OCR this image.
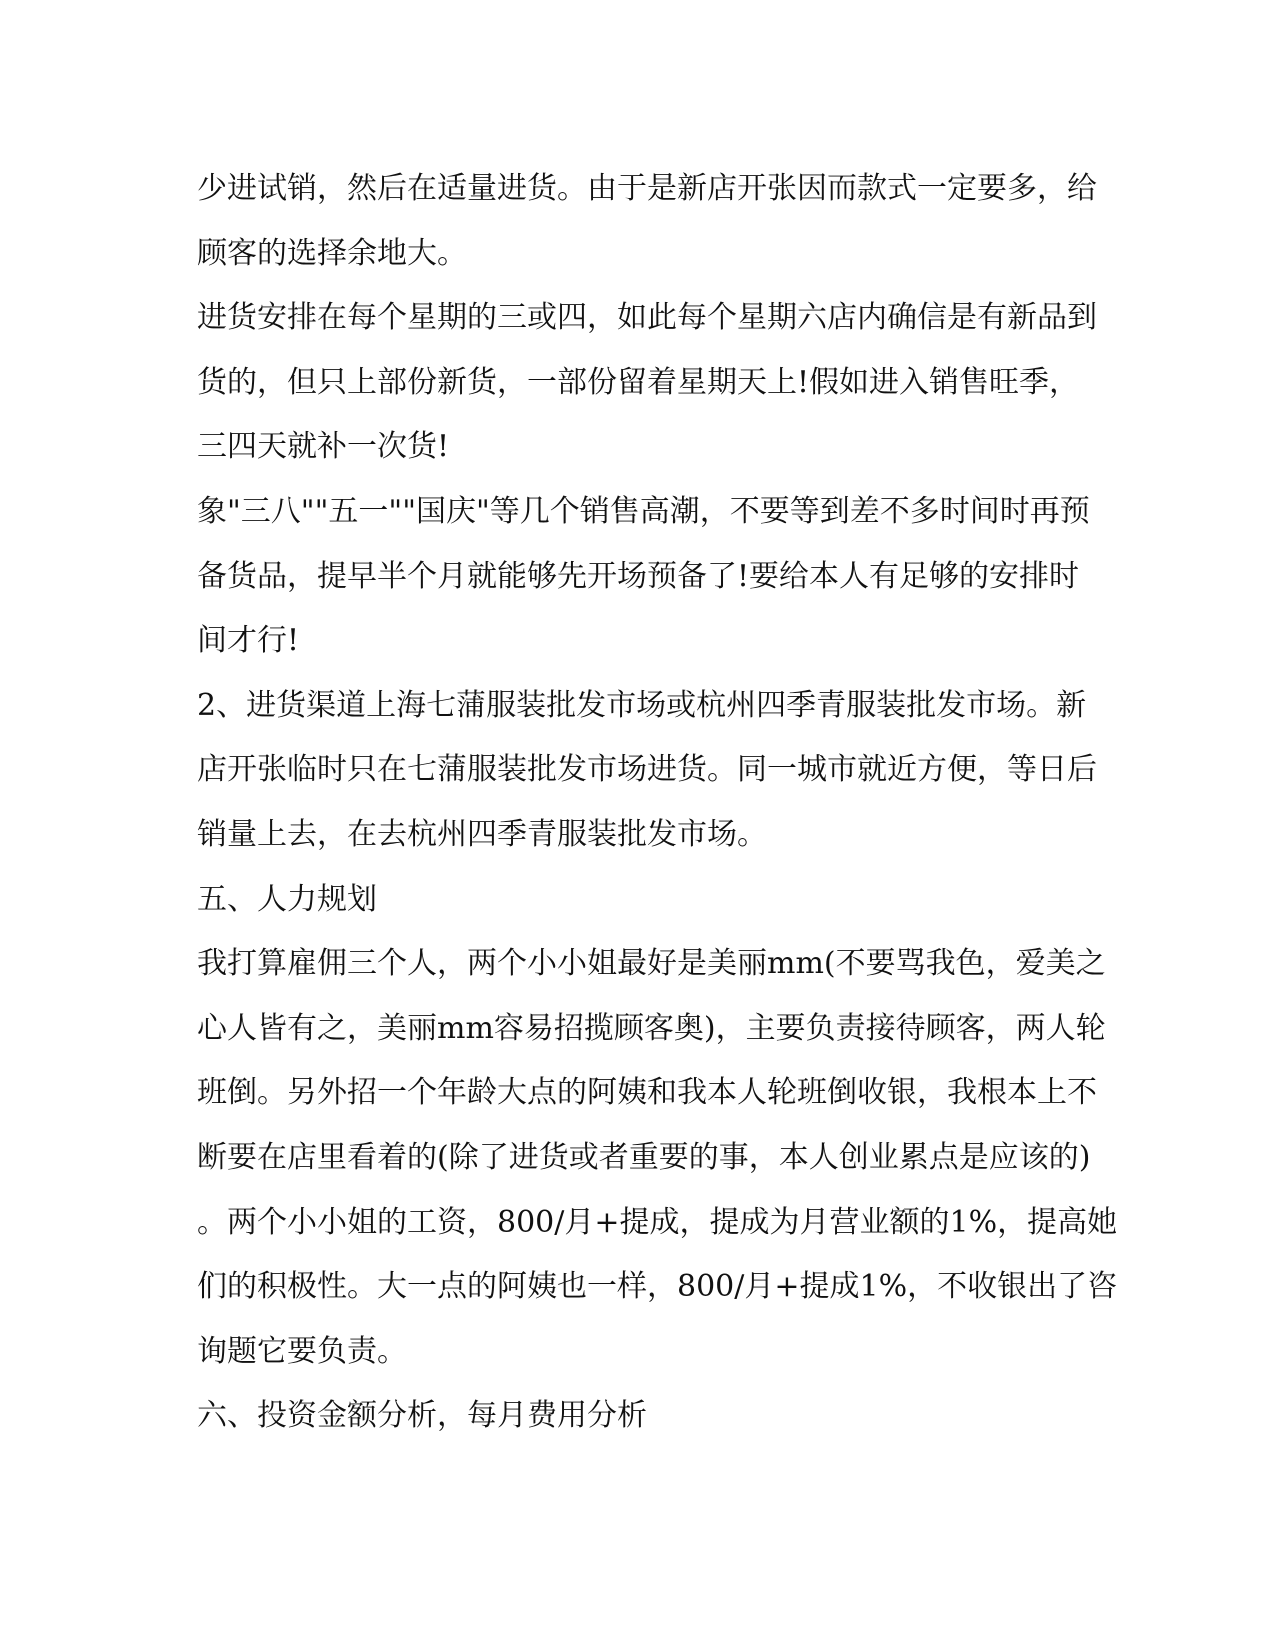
少进试销，然后在适量进货。由于是新店开张因而款式一定要多，给
顾客的选择余地大。
进货安排在每个星期的三或四，如此每个星期六店内确信是有新品到
货的，但只上部份新货，一部份留着星期天上!假如进入销售旺季，
三四天就补一次货!
象"三八""五一""国庆"等几个销售高潮，不要等到差不多时间时再预
备货品，提早半个月就能够先开场预备了!要给本人有足够的安排时
间才行!
2、进货渠道上海七蒲服装批发市场或杭州四季青服装批发市场。新
店开张临时只在七蒲服装批发市场进货。同一城市就近方便，等日后
销量上去，在去杭州四季青服装批发市场。
五、人力规划
我打算雇佣三个人，两个小小姐最好是美丽mm(不要骂我色，爱美之
心人皆有之，美丽mm容易招揽顾客奥)，主要负责接待顾客，两人轮
班倒。另外招一个年龄大点的阿姨和我本人轮班倒收银，我根本上不
断要在店里看着的(除了进货或者重要的事，本人创业累点是应该的)
。两个小小姐的工资，800/月+提成，提成为月营业额的1%，提高她
们的积极性。大一点的阿姨也一样，800/月+提成1%，不收银出了咨
询题它要负责。
六、投资金额分析，每月费用分析
